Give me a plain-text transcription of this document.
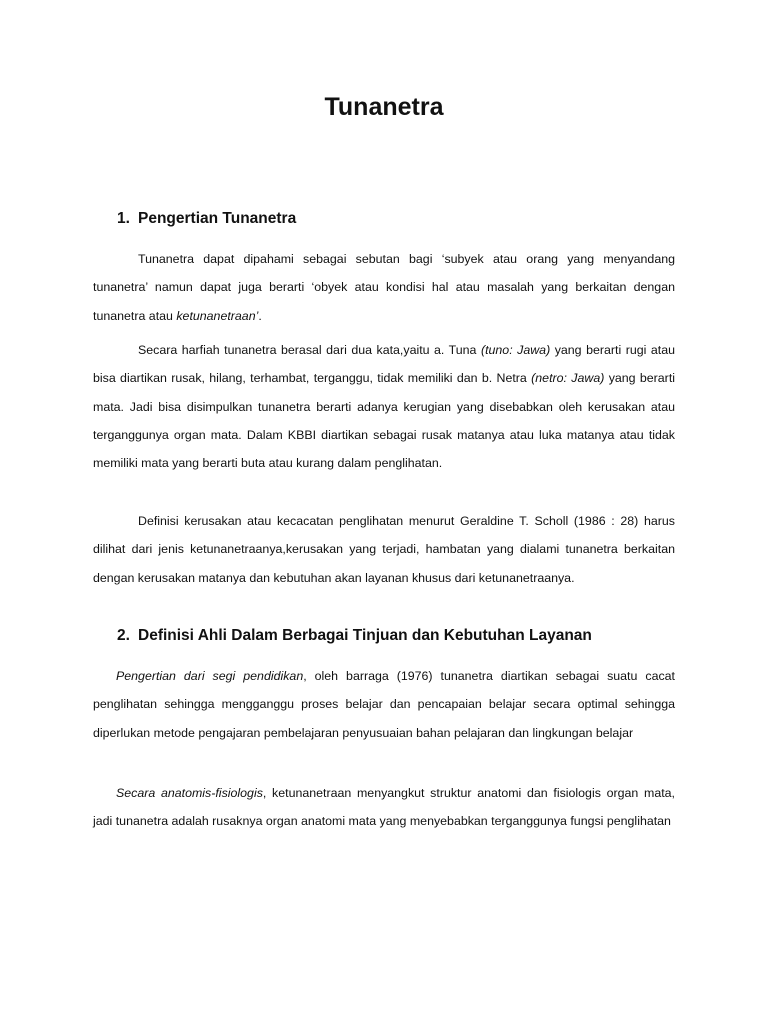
Tunanetra
1. Pengertian Tunanetra

Tunanetra dapat dipahami sebagai sebutan bagi ‘subyek atau orang yang menyandang tunanetra’ namun dapat juga berarti ‘obyek atau kondisi hal atau masalah yang berkaitan dengan tunanetra atau ketunanetraan’.

Secara harfiah tunanetra berasal dari dua kata,yaitu a. Tuna (tuno: Jawa) yang berarti rugi atau bisa diartikan rusak, hilang, terhambat, terganggu, tidak memiliki dan b. Netra (netro: Jawa) yang berarti mata. Jadi bisa disimpulkan tunanetra berarti adanya kerugian yang disebabkan oleh kerusakan atau terganggunya organ mata. Dalam KBBI diartikan sebagai rusak matanya atau luka matanya atau tidak memiliki mata yang berarti buta atau kurang dalam penglihatan.

Definisi kerusakan atau kecacatan penglihatan menurut Geraldine T. Scholl (1986 : 28) harus dilihat dari jenis ketunanetraanya,kerusakan yang terjadi, hambatan yang dialami tunanetra berkaitan dengan kerusakan matanya dan kebutuhan akan layanan khusus dari ketunanetraanya.

2. Definisi Ahli Dalam Berbagai Tinjuan dan Kebutuhan Layanan

Pengertian dari segi pendidikan, oleh barraga (1976) tunanetra diartikan sebagai suatu cacat penglihatan sehingga mengganggu proses belajar dan pencapaian belajar secara optimal sehingga diperlukan metode pengajaran pembelajaran penyusuaian bahan pelajaran dan lingkungan belajar

Secara anatomis-fisiologis, ketunanetraan menyangkut struktur anatomi dan fisiologis organ mata, jadi tunanetra adalah rusaknya organ anatomi mata yang menyebabkan terganggunya fungsi penglihatan
